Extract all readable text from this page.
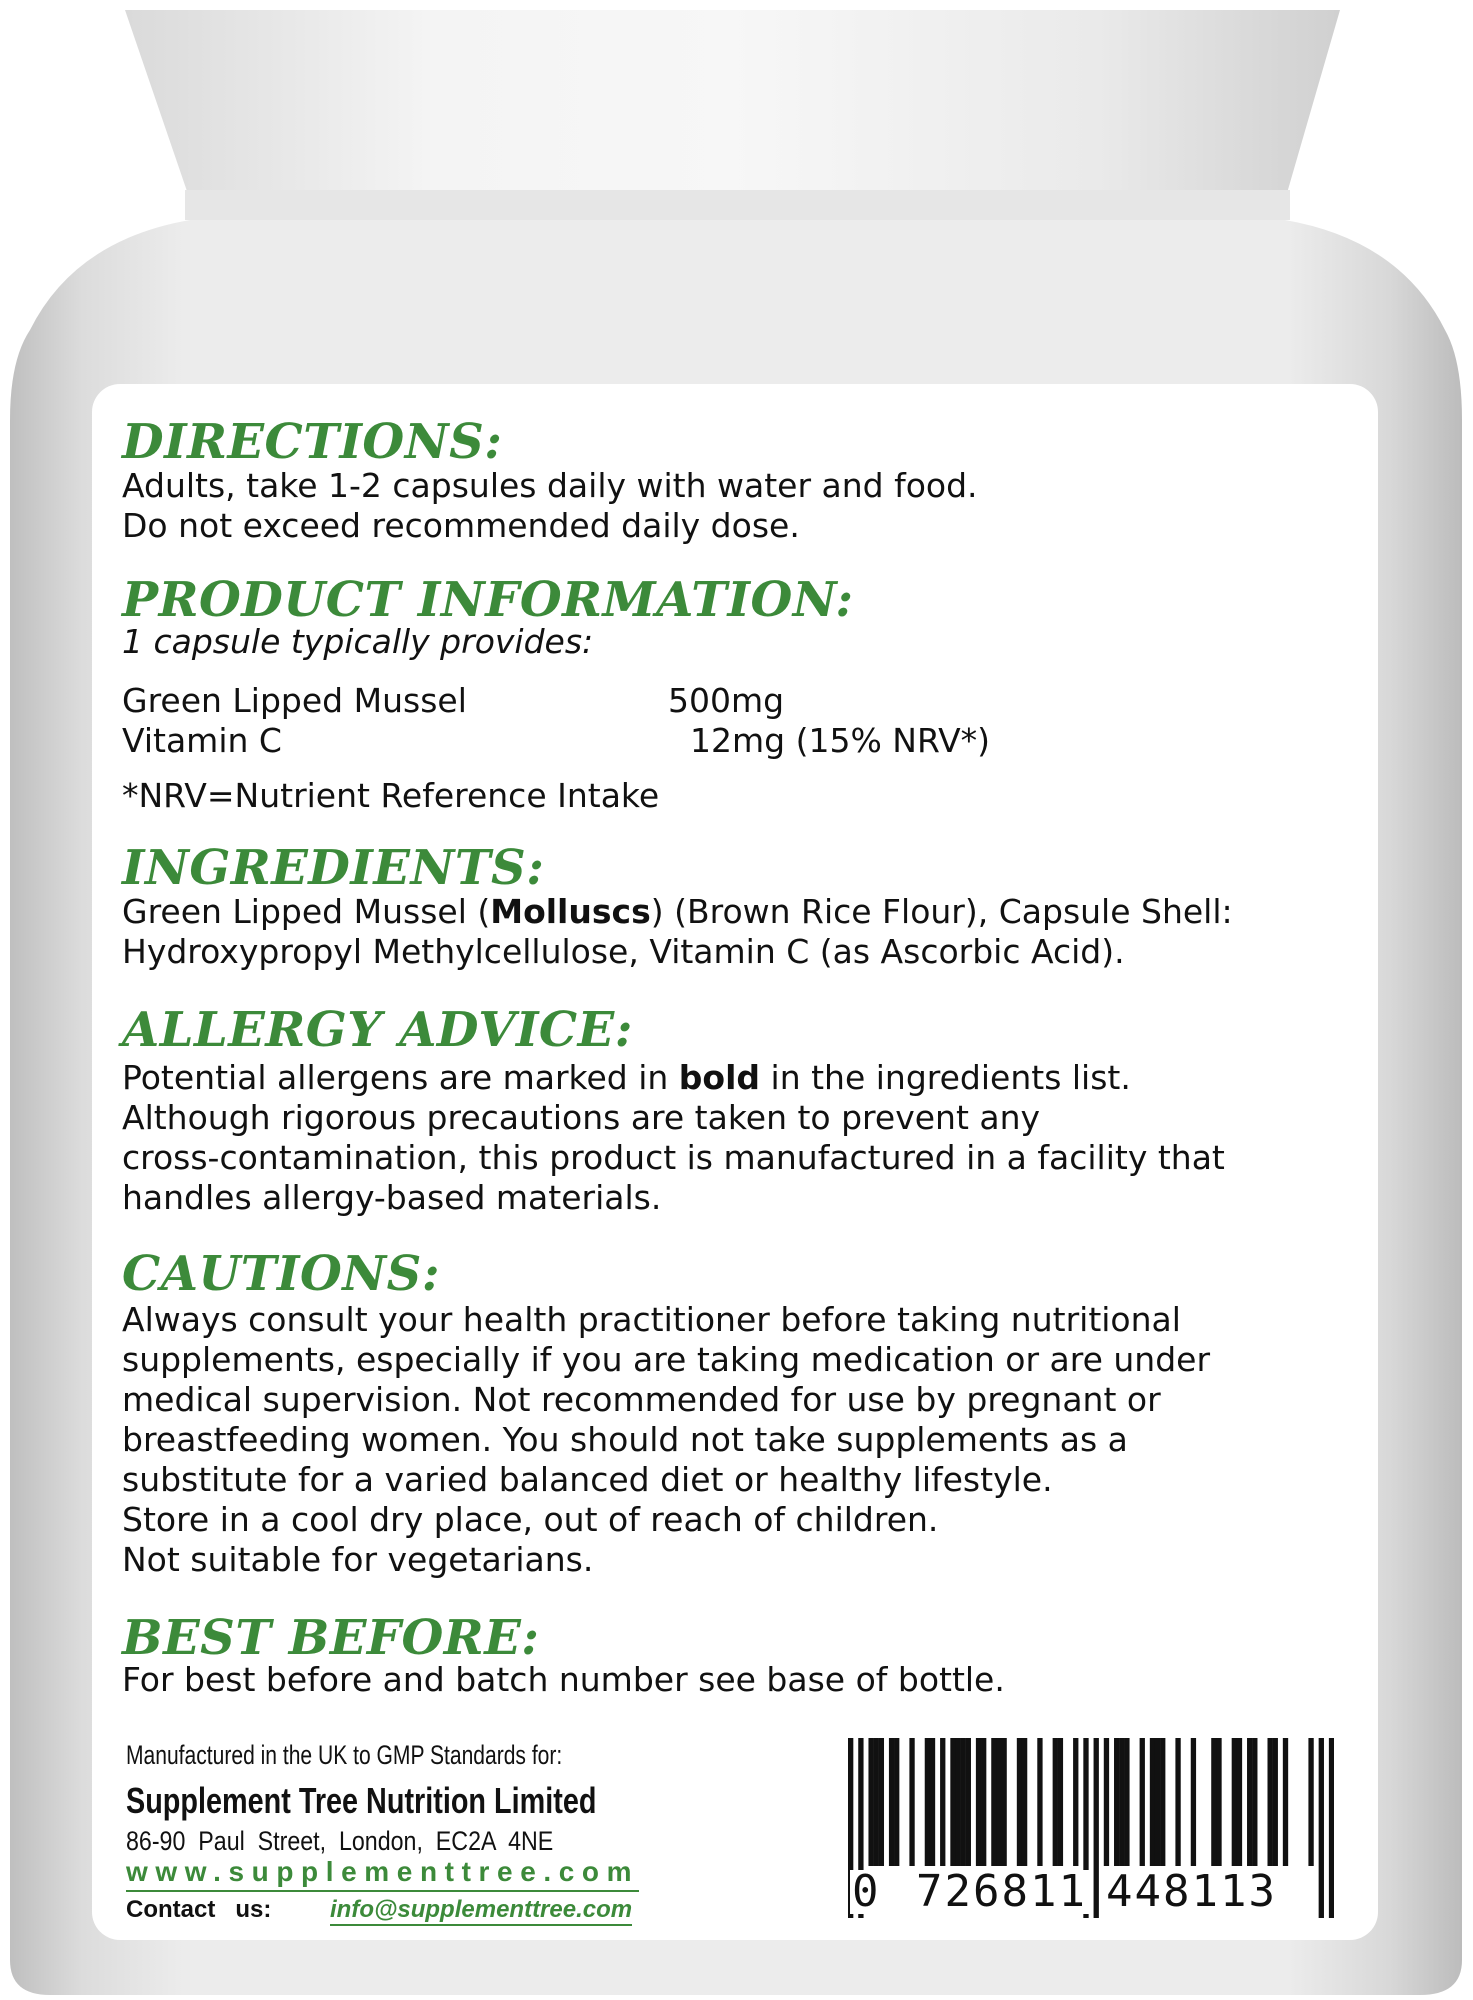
DIRECTIONS:
Adults, take 1-2 capsules daily with water and food.
Do not exceed recommended daily dose.
PRODUCT INFORMATION:
1 capsule typically provides:
Green Lipped Mussel	500mg
Vitamin C	12mg (15% NRV*)
*NRV=Nutrient Reference Intake
INGREDIENTS:
Green Lipped Mussel (Molluscs) (Brown Rice Flour), Capsule Shell:
Hydroxypropyl Methylcellulose, Vitamin C (as Ascorbic Acid).
ALLERGY ADVICE:
Potential allergens are marked in bold in the ingredients list.
Although rigorous precautions are taken to prevent any
cross-contamination, this product is manufactured in a facility that
handles allergy-based materials.
CAUTIONS:
Always consult your health practitioner before taking nutritional
supplements, especially if you are taking medication or are under
medical supervision. Not recommended for use by pregnant or
breastfeeding women. You should not take supplements as a
substitute for a varied balanced diet or healthy lifestyle.
Store in a cool dry place, out of reach of children.
Not suitable for vegetarians.
BEST BEFORE:
For best before and batch number see base of bottle.
Manufactured in the UK to GMP Standards for:
Supplement Tree Nutrition Limited
86-90  Paul  Street,  London,  EC2A  4NE
www.supplementtree.com
Contact   us: info@supplementtree.com	0 726811 448113
